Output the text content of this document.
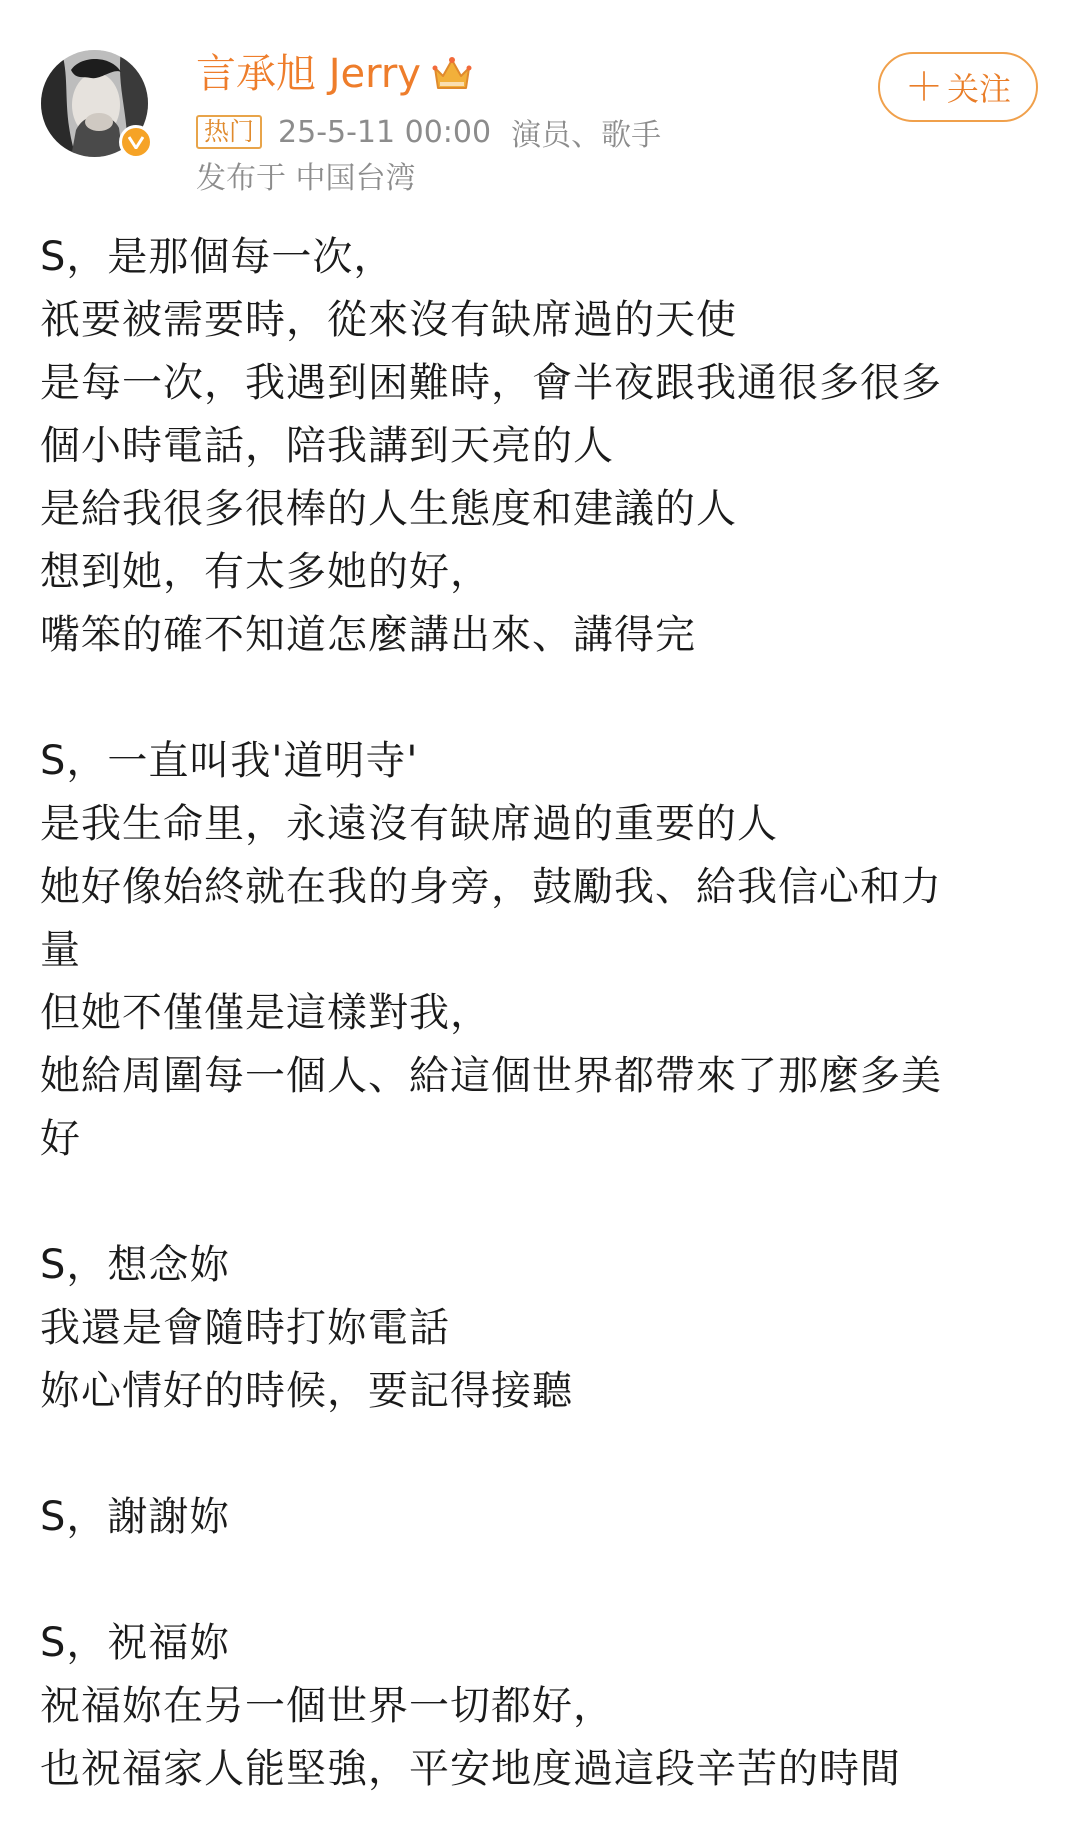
言承旭 Jerry
热门 25-5-11 00:00 演员、歌手
发布于 中国台湾
＋ 关注
S，是那個每一次，
祇要被需要時，從來沒有缺席過的天使
是每一次，我遇到困難時，會半夜跟我通很多很多
個小時電話，陪我講到天亮的人
是給我很多很棒的人生態度和建議的人
想到她，有太多她的好，
嘴笨的確不知道怎麼講出來、講得完
S，一直叫我'道明寺'
是我生命里，永遠沒有缺席過的重要的人
她好像始終就在我的身旁，鼓勵我、給我信心和力
量
但她不僅僅是這樣對我，
她給周圍每一個人、給這個世界都帶來了那麼多美
好
S，想念妳
我還是會隨時打妳電話
妳心情好的時候，要記得接聽
S，謝謝妳
S，祝福妳
祝福妳在另一個世界一切都好，
也祝福家人能堅強，平安地度過這段辛苦的時間
